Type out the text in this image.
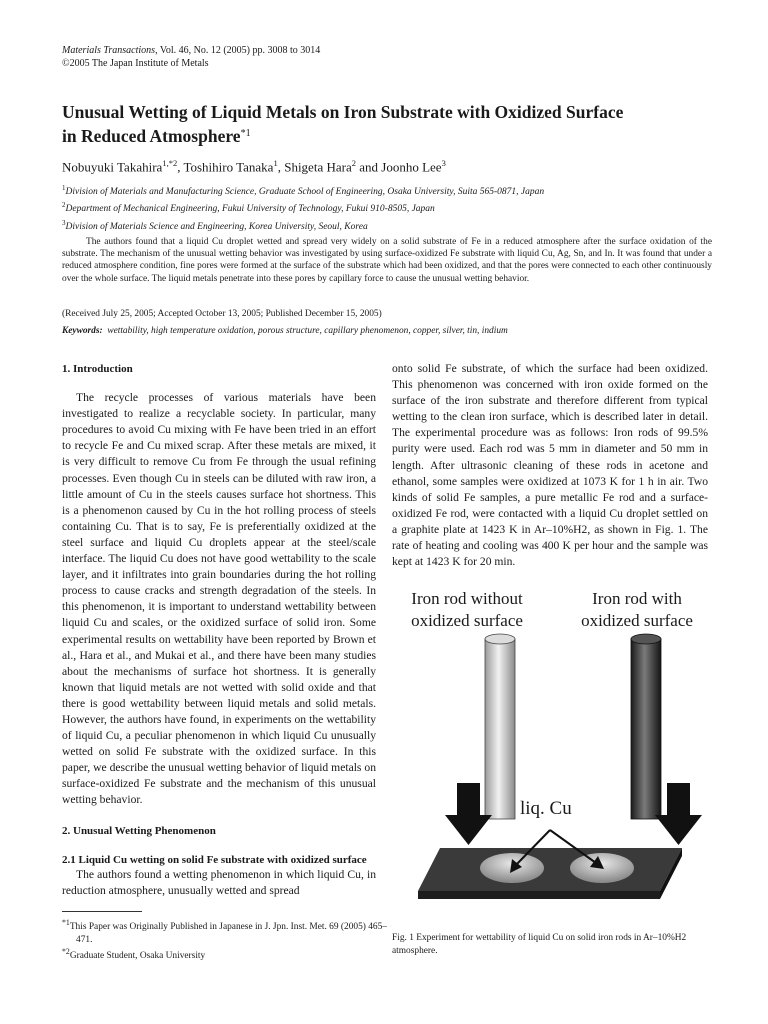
Materials Transactions, Vol. 46, No. 12 (2005) pp. 3008 to 3014
©2005 The Japan Institute of Metals
Unusual Wetting of Liquid Metals on Iron Substrate with Oxidized Surface
in Reduced Atmosphere$^{*1}$
Nobuyuki Takahira$^{1,*2}$, Toshihiro Tanaka$^1$, Shigeta Hara$^2$ and Joonho Lee$^3$
$^1$Division of Materials and Manufacturing Science, Graduate School of Engineering, Osaka University, Suita 565-0871, Japan
$^2$Department of Mechanical Engineering, Fukui University of Technology, Fukui 910-8505, Japan
$^3$Division of Materials Science and Engineering, Korea University, Seoul, Korea
The authors found that a liquid Cu droplet wetted and spread very widely on a solid substrate of Fe in a reduced atmosphere after the surface oxidation of the substrate. The mechanism of the unusual wetting behavior was investigated by using surface-oxidized Fe substrate with liquid Cu, Ag, Sn, and In. It was found that under a reduced atmosphere condition, fine pores were formed at the surface of the substrate which had been oxidized, and that the pores were connected to each other continuously over the whole surface. The liquid metals penetrate into these pores by capillary force to cause the unusual wetting behavior.
(Received July 25, 2005; Accepted October 13, 2005; Published December 15, 2005)
Keywords: wettability, high temperature oxidation, porous structure, capillary phenomenon, copper, silver, tin, indium
1. Introduction
The recycle processes of various materials have been investigated to realize a recyclable society. In particular, many procedures to avoid Cu mixing with Fe have been tried in an effort to recycle Fe and Cu mixed scrap. After these metals are mixed, it is very difficult to remove Cu from Fe through the usual refining processes. Even though Cu in steels can be diluted with raw iron, a little amount of Cu in the steels causes surface hot shortness. This is a phenomenon caused by Cu in the hot rolling process of steels containing Cu. That is to say, Fe is preferentially oxidized at the steel surface and liquid Cu droplets appear at the steel/scale interface. The liquid Cu does not have good wettability to the scale layer, and it infiltrates into grain boundaries during the hot rolling process to cause cracks and strength degradation of the steels. In this phenomenon, it is important to understand wettability between liquid Cu and scales, or the oxidized surface of solid iron. Some experimental results on wettability have been reported by Brown et al., Hara et al., and Mukai et al., and there have been many studies about the mechanisms of surface hot shortness. It is generally known that liquid metals are not wetted with solid oxide and that there is good wettability between liquid metals and solid metals. However, the authors have found, in experiments on the wettability of liquid Cu, a peculiar phenomenon in which liquid Cu unusually wetted on solid Fe substrate with the oxidized surface. In this paper, we describe the unusual wetting behavior of liquid metals on surface-oxidized Fe substrate and the mechanism of this unusual wetting behavior.
2. Unusual Wetting Phenomenon
2.1 Liquid Cu wetting on solid Fe substrate with oxidized surface
The authors found a wetting phenomenon in which liquid Cu, in reduction atmosphere, unusually wetted and spread
onto solid Fe substrate, of which the surface had been oxidized. This phenomenon was concerned with iron oxide formed on the surface of the iron substrate and therefore different from typical wetting to the clean iron surface, which is described later in detail. The experimental procedure was as follows: Iron rods of 99.5% purity were used. Each rod was 5 mm in diameter and 50 mm in length. After ultrasonic cleaning of these rods in acetone and ethanol, some samples were oxidized at 1073 K for 1 h in air. Two kinds of solid Fe samples, a pure metallic Fe rod and a surface-oxidized Fe rod, were contacted with a liquid Cu droplet settled on a graphite plate at 1423 K in Ar–10%H2, as shown in Fig. 1. The rate of heating and cooling was 400 K per hour and the sample was kept at 1423 K for 20 min.
Iron rod without
oxidized surface
Iron rod with
oxidized surface
liq. Cu
Fig. 1 Experiment for wettability of liquid Cu on solid iron rods in Ar–10%H2 atmosphere.
$^{*1}$This Paper was Originally Published in Japanese in J. Jpn. Inst. Met. 69 (2005) 465–471.
$^{*2}$Graduate Student, Osaka University
